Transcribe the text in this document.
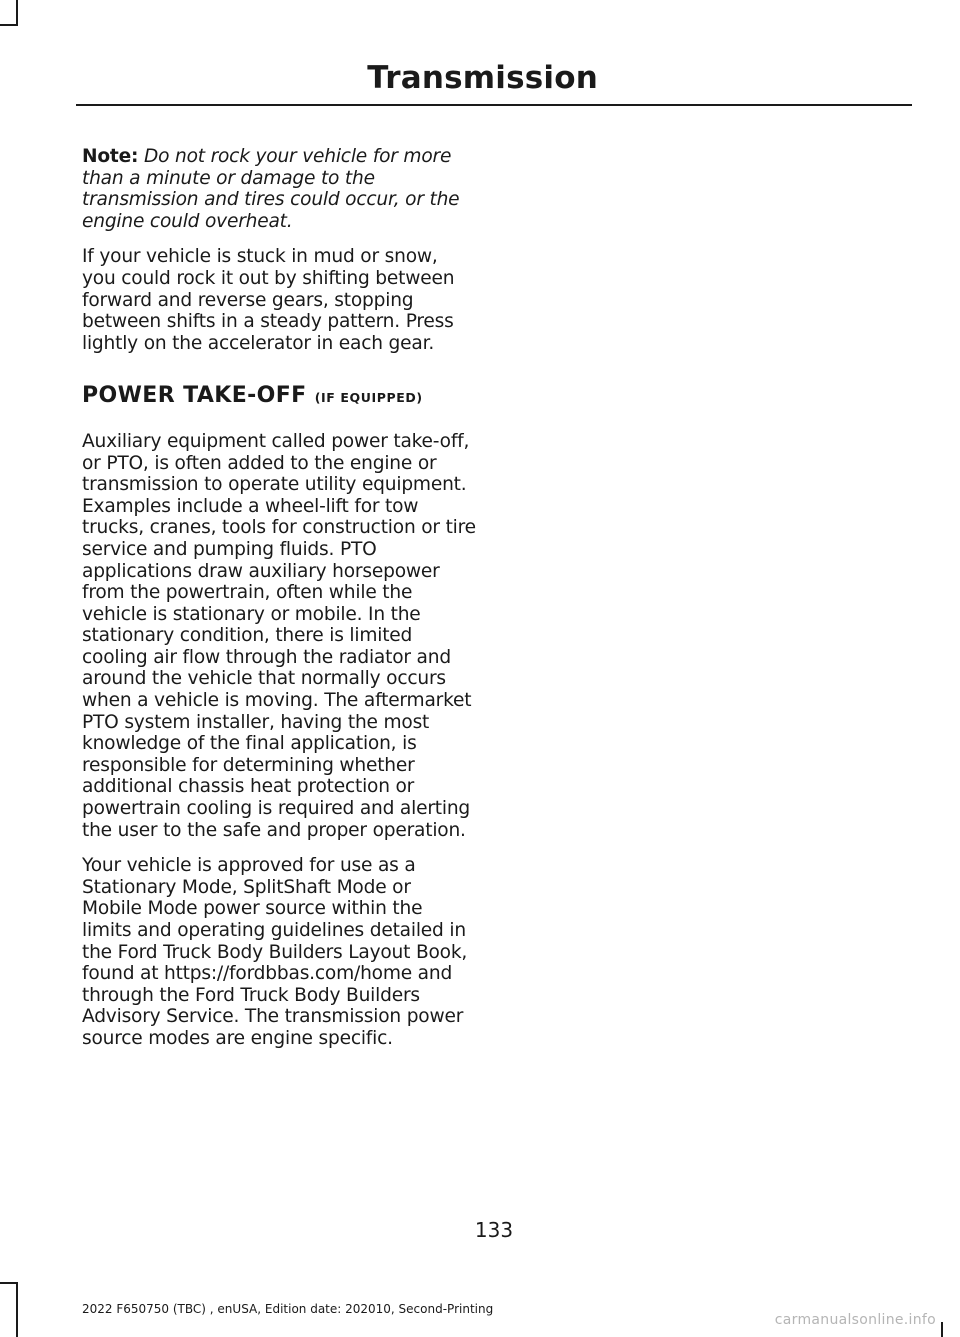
Transmission

Note: Do not rock your vehicle for more than a minute or damage to the transmission and tires could occur, or the engine could overheat.

If your vehicle is stuck in mud or snow, you could rock it out by shifting between forward and reverse gears, stopping between shifts in a steady pattern. Press lightly on the accelerator in each gear.

POWER TAKE-OFF (IF EQUIPPED)

Auxiliary equipment called power take-off, or PTO, is often added to the engine or transmission to operate utility equipment. Examples include a wheel-lift for tow trucks, cranes, tools for construction or tire service and pumping fluids. PTO applications draw auxiliary horsepower from the powertrain, often while the vehicle is stationary or mobile. In the stationary condition, there is limited cooling air flow through the radiator and around the vehicle that normally occurs when a vehicle is moving. The aftermarket PTO system installer, having the most knowledge of the final application, is responsible for determining whether additional chassis heat protection or powertrain cooling is required and alerting the user to the safe and proper operation.

Your vehicle is approved for use as a Stationary Mode, SplitShaft Mode or Mobile Mode power source within the limits and operating guidelines detailed in the Ford Truck Body Builders Layout Book, found at https://fordbbas.com/home and through the Ford Truck Body Builders Advisory Service. The transmission power source modes are engine specific.

133
2022 F650750 (TBC) , enUSA, Edition date: 202010, Second-Printing
carmanualsonline.info
